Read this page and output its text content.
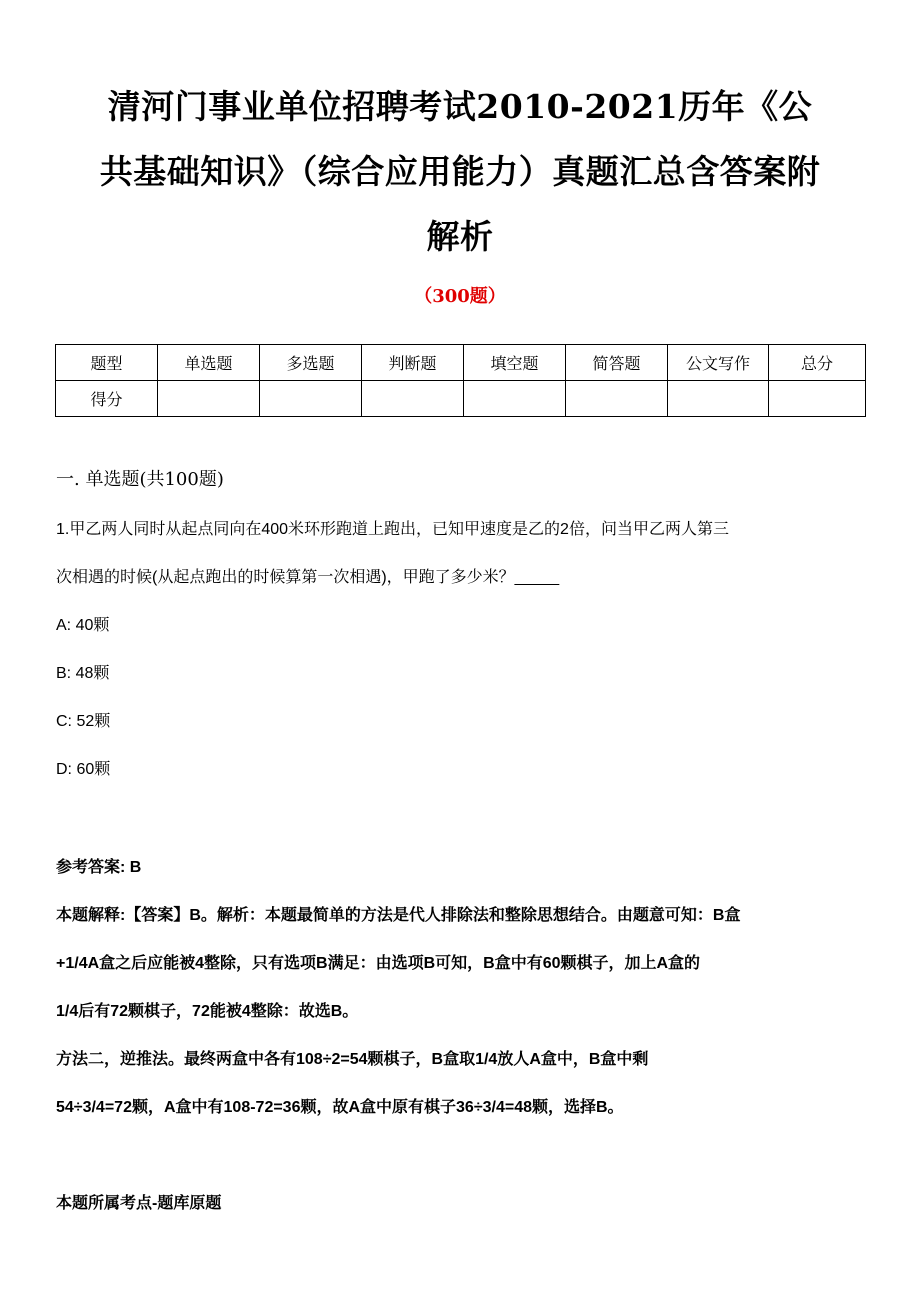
清河门事业单位招聘考试2010-2021历年《公
共基础知识》（综合应用能力）真题汇总含答案附
解析
（300题）
题型	单选题	多选题	判断题	填空题	简答题	公文写作	总分
得分							
一. 单选题(共100题)
1.甲乙两人同时从起点同向在400米环形跑道上跑出，已知甲速度是乙的2倍，问当甲乙两人第三
次相遇的时候(从起点跑出的时候算第一次相遇)，甲跑了多少米？_____
A: 40颗
B: 48颗
C: 52颗
D: 60颗
参考答案: B
本题解释:【答案】B。解析：本题最简单的方法是代人排除法和整除思想结合。由题意可知：B盒
+1/4A盒之后应能被4整除，只有选项B满足：由选项B可知，B盒中有60颗棋子，加上A盒的
1/4后有72颗棋子，72能被4整除：故选B。
方法二，逆推法。最终两盒中各有108÷2=54颗棋子，B盒取1/4放人A盒中，B盒中剩
54÷3/4=72颗，A盒中有108-72=36颗，故A盒中原有棋子36÷3/4=48颗，选择B。
本题所属考点-题库原题
